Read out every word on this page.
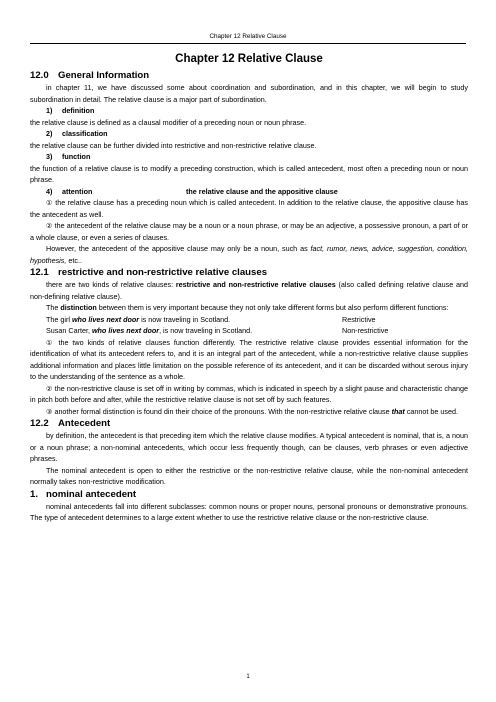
Chapter 12 Relative Clause
Chapter 12 Relative Clause
12.0 General Information

in chapter 11, we have discussed some about coordination and subordination, and in this chapter, we will begin to study subordination in detail. The relative clause is a major part of subordination.

1) definition

the relative clause is defined as a clausal modifier of a preceding noun or noun phrase.

2) classification

the relative clause can be further divided into restrictive and non-restrictive relative clause.

3) function

the function of a relative clause is to modify a preceding construction, which is called antecedent, most often a preceding noun or noun phrase.

4) attention	the relative clause and the appositive clause

① the relative clause has a preceding noun which is called antecedent. In addition to the relative clause, the appositive clause has the antecedent as well.

② the antecedent of the relative clause may be a noun or a noun phrase, or may be an adjective, a possessive pronoun, a part of or a whole clause, or even a series of clauses.

However, the antecedent of the appositive clause may only be a noun, such as fact, rumor, news, advice, suggestion, condition, hypothesis, etc..

12.1 restrictive and non-restrictive relative clauses

there are two kinds of relative clauses: restrictive and non-restrictive relative clauses (also called defining relative clause and non-defining relative clause).

The distinction between them is very important because they not only take different forms but also perform different functions:

The girl who lives next door is now traveling in Scotland.	Restrictive
Susan Carter, who lives next door, is now traveling in Scotland.	Non-restrictive

① the two kinds of relative clauses function differently. The restrictive relative clause provides essential information for the identification of what its antecedent refers to, and it is an integral part of the antecedent, while a non-restrictive relative clause supplies additional information and places little limitation on the possible reference of its antecedent, and it can be discarded without serous injury to the understanding of the sentence as a whole.

② the non-restrictive clause is set off in writing by commas, which is indicated in speech by a slight pause and characteristic change in pitch both before and after, while the restrictive relative clause is not set off by such features.

③ another formal distinction is found din their choice of the pronouns. With the non-restrictive relative clause that cannot be used.

12.2 Antecedent

by definition, the antecedent is that preceding item which the relative clause modifies. A typical antecedent is nominal, that is, a noun or a noun phrase; a non-nominal antecedents, which occur less frequently though, can be clauses, verb phrases or even adjective phrases.

The nominal antecedent is open to either the restrictive or the non-restrictive relative clause, while the non-nominal antecedent normally takes non-restrictive modification.

1. nominal antecedent

nominal antecedents fall into different subclasses: common nouns or proper nouns, personal pronouns or demonstrative pronouns. The type of antecedent determines to a large extent whether to use the restrictive relative clause or the non-restrictive clause.

1
